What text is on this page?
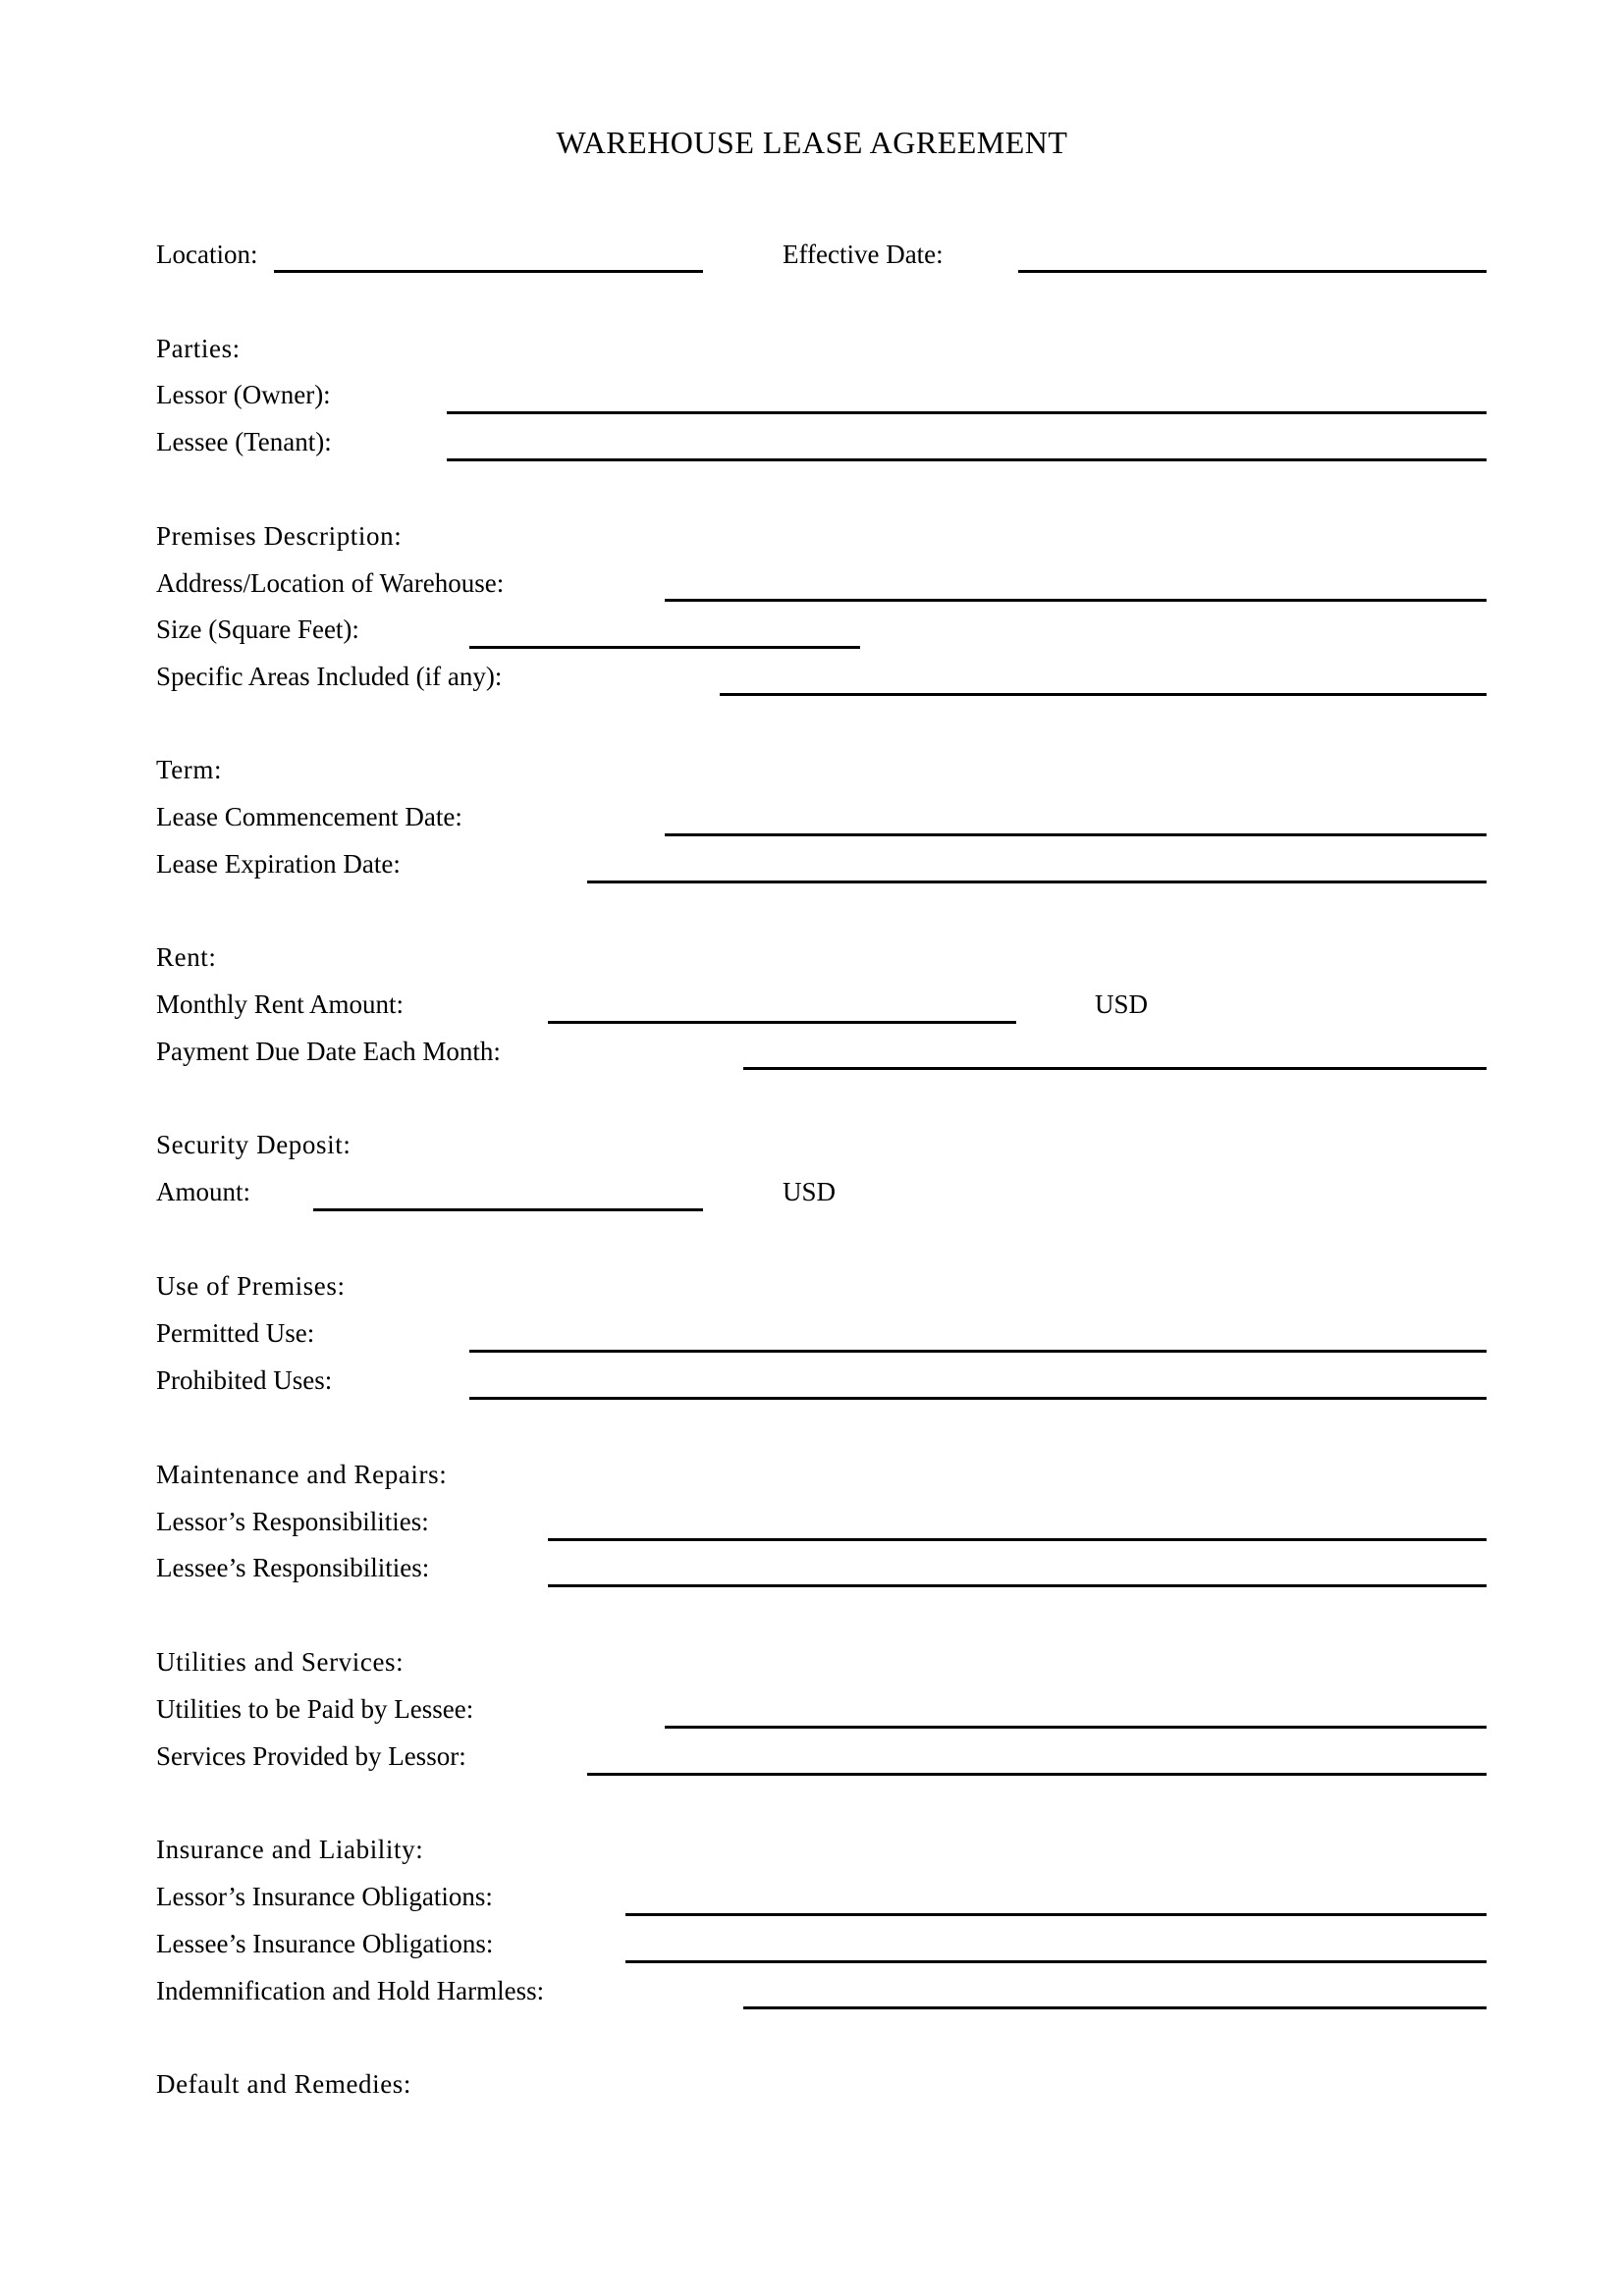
WAREHOUSE LEASE AGREEMENT
Location:	Effective Date:
Parties:
Lessor (Owner):
Lessee (Tenant):
Premises Description:
Address/Location of Warehouse:
Size (Square Feet):
Specific Areas Included (if any):
Term:
Lease Commencement Date:
Lease Expiration Date:
Rent:
Monthly Rent Amount:	USD
Payment Due Date Each Month:
Security Deposit:
Amount:	USD
Use of Premises:
Permitted Use:
Prohibited Uses:
Maintenance and Repairs:
Lessor’s Responsibilities:
Lessee’s Responsibilities:
Utilities and Services:
Utilities to be Paid by Lessee:
Services Provided by Lessor:
Insurance and Liability:
Lessor’s Insurance Obligations:
Lessee’s Insurance Obligations:
Indemnification and Hold Harmless:
Default and Remedies:
